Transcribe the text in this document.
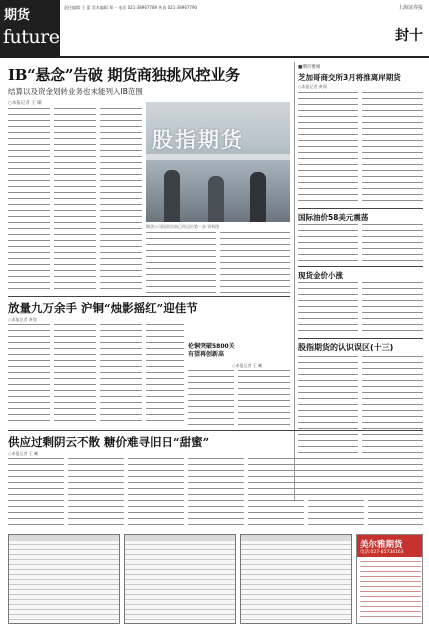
期货
futures
责任编辑 王 蕾 美术编辑 郑一 电话 021-38967789 传真 021-38967790	上海证券报
封十
IB“悬念”告破 期货商独挑风控业务
结算以及资金划转业务也未能列入IB范围
○本报记者 王 曦
股指期货
期货公司投资咨询已经迈出第一步 资料图
■期市要闻
芝加哥商交所3月将推离岸期货
○本报记者 黄翔
国际油价58美元震荡
现货金价小涨
股指期货的认识误区(十三)
放量九万余手 沪铜“烛影摇红”迎佳节
○本报记者 黄翔
伦铜突破5800关 有望再创新高
○本报记者 王 曦
供应过剩阴云不散 糖价难寻旧日“甜蜜”
○本报记者 王 曦
美尔雅期货
电话:027-85734163
